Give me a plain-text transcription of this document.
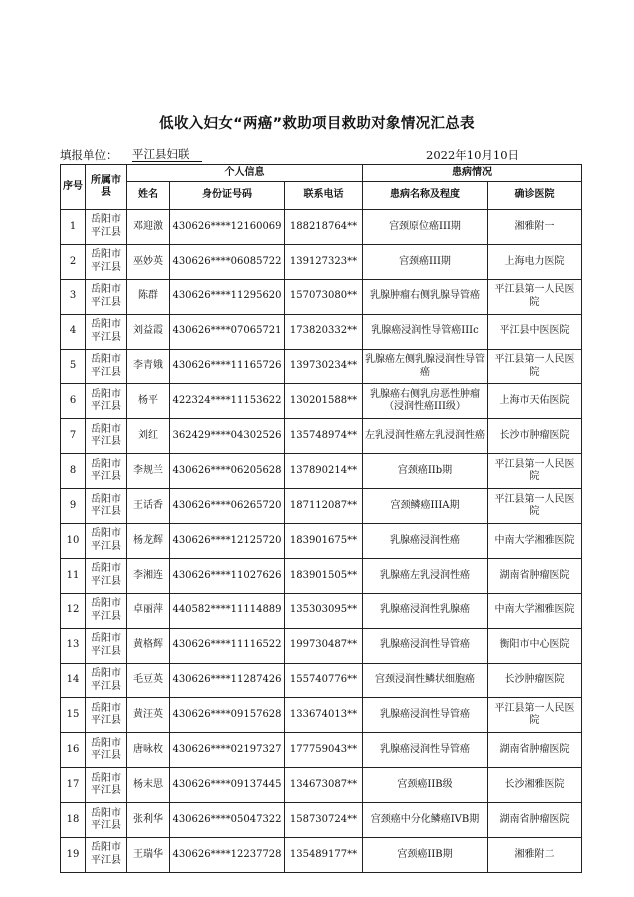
低收入妇女“两癌”救助项目救助对象情况汇总表
填报单位： 平江县妇联	2022年10月10日
序号	所属市县	个人信息			患病情况	
		姓名	身份证号码	联系电话	患病名称及程度	确诊医院
1	岳阳市平江县	邓迎激	430626****12160069	188218764**	宫颈原位癌III期	湘雅附一
2	岳阳市平江县	巫妙英	430626****06085722	139127323**	宫颈癌III期	上海电力医院
3	岳阳市平江县	陈群	430626****11295620	157073080**	乳腺肿瘤右侧乳腺导管癌	平江县第一人民医院
4	岳阳市平江县	刘益霞	430626****07065721	173820332**	乳腺癌浸润性导管癌IIIc	平江县中医医院
5	岳阳市平江县	李青娥	430626****11165726	139730234**	乳腺癌左侧乳腺浸润性导管癌	平江县第一人民医院
6	岳阳市平江县	杨平	422324****11153622	130201588**	乳腺癌右侧乳房恶性肿瘤（浸润性癌III级）	上海市天佑医院
7	岳阳市平江县	刘红	362429****04302526	135748974**	左乳浸润性癌左乳浸润性癌	长沙市肿瘤医院
8	岳阳市平江县	李规兰	430626****06205628	137890214**	宫颈癌IIb期	平江县第一人民医院
9	岳阳市平江县	王话香	430626****06265720	187112087**	宫颈鳞癌IIIA期	平江县第一人民医院
10	岳阳市平江县	杨龙辉	430626****12125720	183901675**	乳腺癌浸润性癌	中南大学湘雅医院
11	岳阳市平江县	李湘连	430626****11027626	183901505**	乳腺癌左乳浸润性癌	湖南省肿瘤医院
12	岳阳市平江县	卓丽萍	440582****11114889	135303095**	乳腺癌浸润性乳腺癌	中南大学湘雅医院
13	岳阳市平江县	黄格辉	430626****11116522	199730487**	乳腺癌浸润性导管癌	衡阳市中心医院
14	岳阳市平江县	毛豆英	430626****11287426	155740776**	宫颈浸润性鳞状细胞癌	长沙肿瘤医院
15	岳阳市平江县	黄汪英	430626****09157628	133674013**	乳腺癌浸润性导管癌	平江县第一人民医院
16	岳阳市平江县	唐咏枚	430626****02197327	177759043**	乳腺癌浸润性导管癌	湖南省肿瘤医院
17	岳阳市平江县	杨末思	430626****09137445	134673087**	宫颈癌IIB级	长沙湘雅医院
18	岳阳市平江县	张利华	430626****05047322	158730724**	宫颈癌中分化鳞癌IVB期	湖南省肿瘤医院
19	岳阳市平江县	王瑞华	430626****12237728	135489177**	宫颈癌IIB期	湘雅附二
